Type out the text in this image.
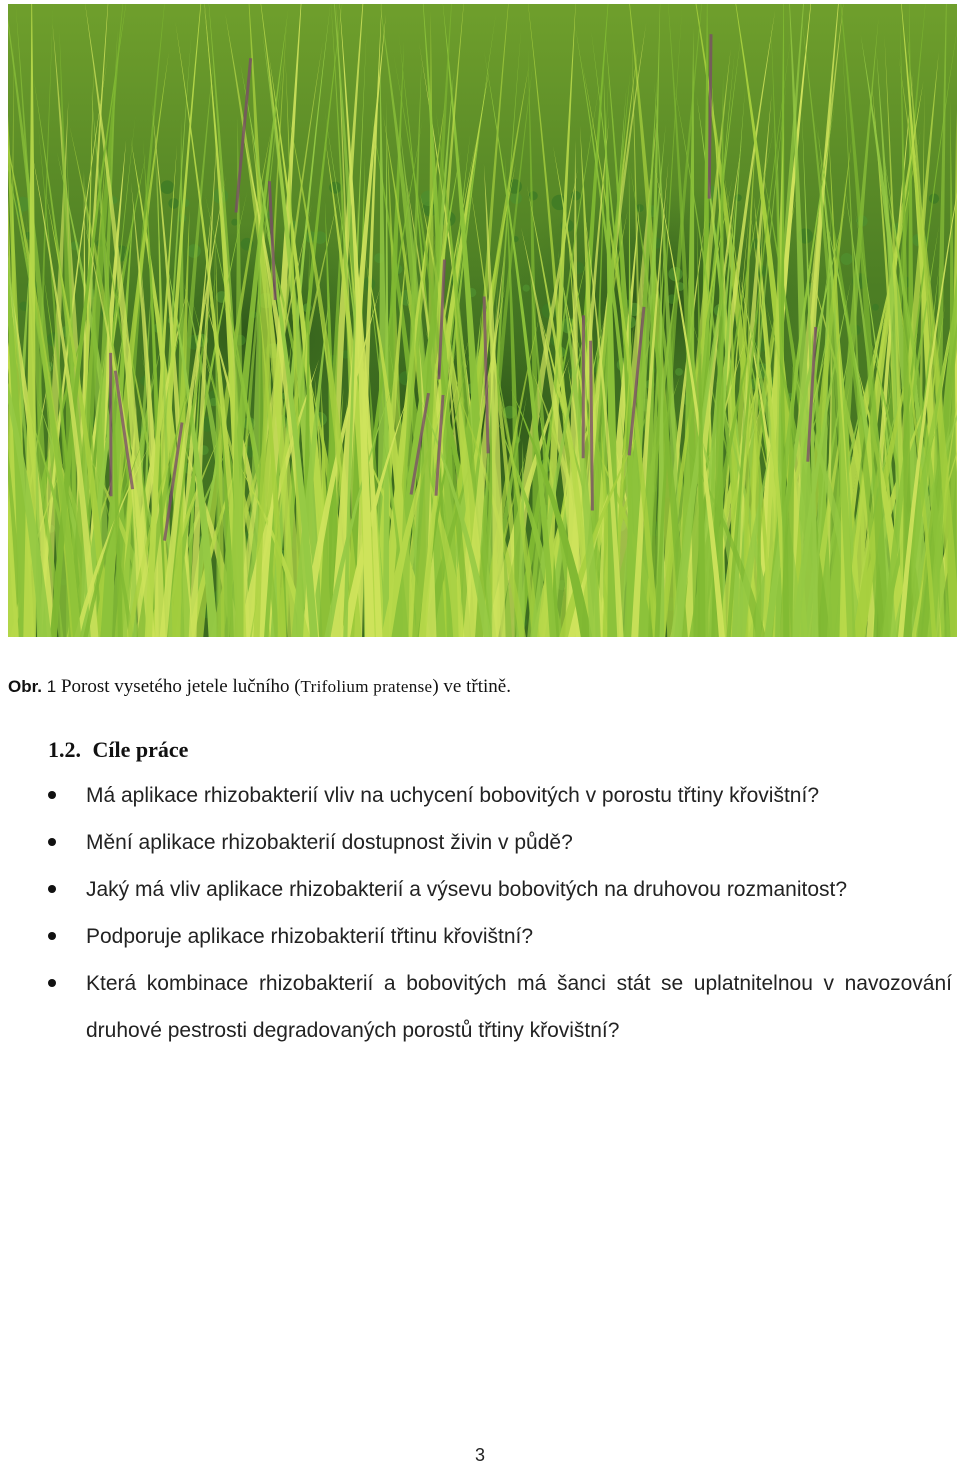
Obr. 1 Porost vysetého jetele lučního (Trifolium pratense) ve třtině.
1.2. Cíle práce
Má aplikace rhizobakterií vliv na uchycení bobovitých v porostu třtiny křovištní?
Mění aplikace rhizobakterií dostupnost živin v půdě?
Jaký má vliv aplikace rhizobakterií a výsevu bobovitých na druhovou rozmanitost?
Podporuje aplikace rhizobakterií třtinu křovištní?
Která kombinace rhizobakterií a bobovitých má šanci stát se uplatnitelnou v navozování druhové pestrosti degradovaných porostů třtiny křovištní?
3
